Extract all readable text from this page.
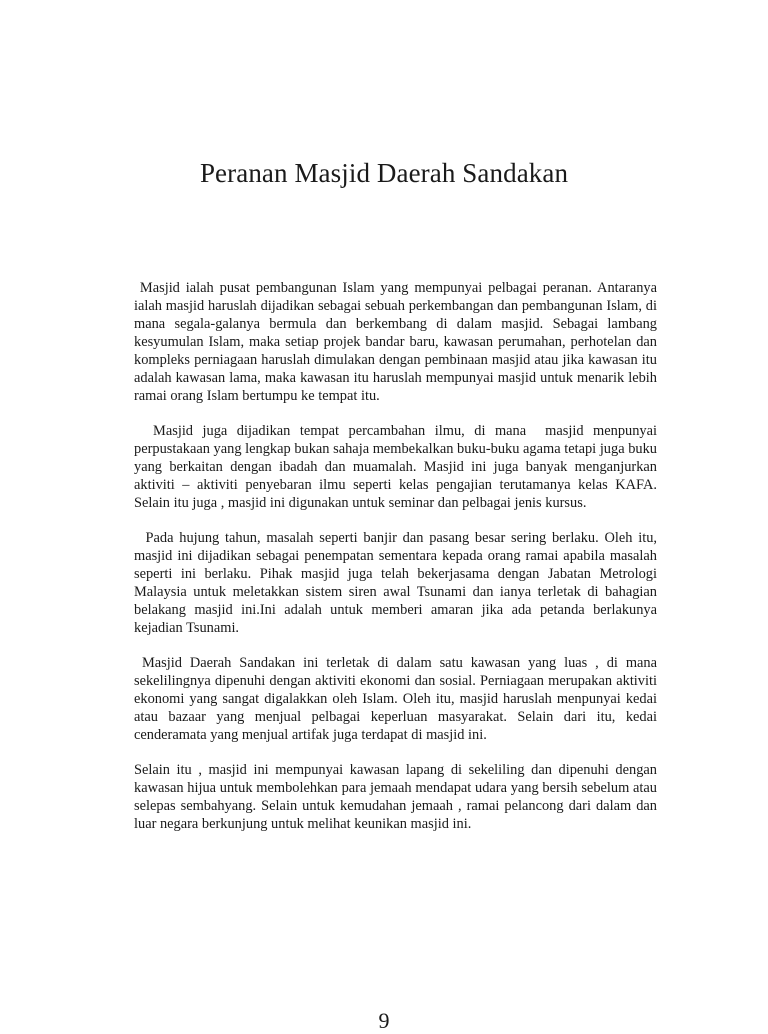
Peranan Masjid Daerah Sandakan

Masjid ialah pusat pembangunan Islam yang mempunyai pelbagai peranan. Antaranya ialah masjid haruslah dijadikan sebagai sebuah perkembangan dan pembangunan Islam, di mana segala-galanya bermula dan berkembang di dalam masjid. Sebagai lambang kesyumulan Islam, maka setiap projek bandar baru, kawasan perumahan, perhotelan dan kompleks perniagaan haruslah dimulakan dengan pembinaan masjid atau jika kawasan itu adalah kawasan lama, maka kawasan itu haruslah mempunyai masjid untuk menarik lebih ramai orang Islam bertumpu ke tempat itu.

Masjid juga dijadikan tempat percambahan ilmu, di mana  masjid menpunyai perpustakaan yang lengkap bukan sahaja membekalkan buku-buku agama tetapi juga buku yang berkaitan dengan ibadah dan muamalah. Masjid ini juga banyak menganjurkan aktiviti – aktiviti penyebaran ilmu seperti kelas pengajian terutamanya kelas KAFA. Selain itu juga , masjid ini digunakan untuk seminar dan pelbagai jenis kursus.

Pada hujung tahun, masalah seperti banjir dan pasang besar sering berlaku. Oleh itu, masjid ini dijadikan sebagai penempatan sementara kepada orang ramai apabila masalah seperti ini berlaku. Pihak masjid juga telah bekerjasama dengan Jabatan Metrologi Malaysia untuk meletakkan sistem siren awal Tsunami dan ianya terletak di bahagian belakang masjid ini.Ini adalah untuk memberi amaran jika ada petanda berlakunya kejadian Tsunami.

Masjid Daerah Sandakan ini terletak di dalam satu kawasan yang luas , di mana sekelilingnya dipenuhi dengan aktiviti ekonomi dan sosial. Perniagaan merupakan aktiviti ekonomi yang sangat digalakkan oleh Islam. Oleh itu, masjid haruslah menpunyai kedai atau bazaar yang menjual pelbagai keperluan masyarakat. Selain dari itu, kedai cenderamata yang menjual artifak juga terdapat di masjid ini.

Selain itu , masjid ini mempunyai kawasan lapang di sekeliling dan dipenuhi dengan kawasan hijua untuk membolehkan para jemaah mendapat udara yang bersih sebelum atau selepas sembahyang. Selain untuk kemudahan jemaah , ramai pelancong dari dalam dan luar negara berkunjung untuk melihat keunikan masjid ini.

9
